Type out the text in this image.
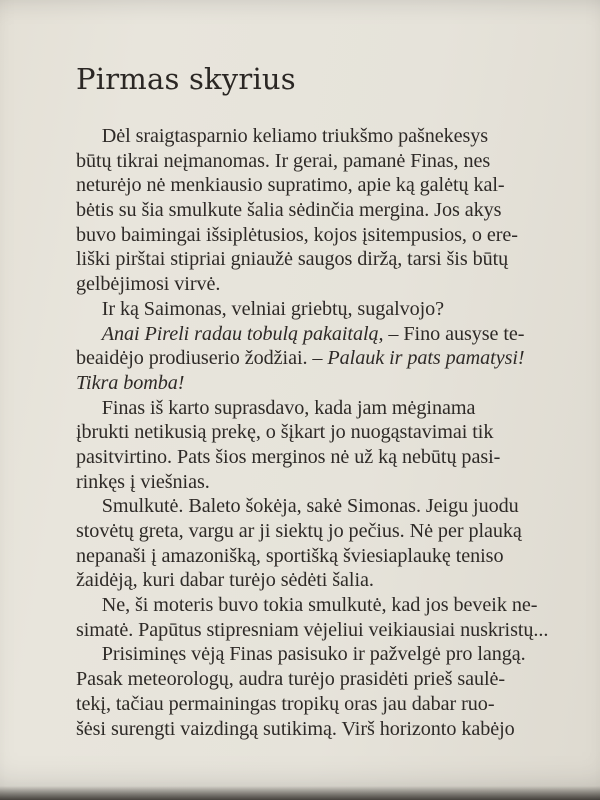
Pirmas skyrius
Dėl sraigtasparnio keliamo triukšmo pašnekesys
būtų tikrai neįmanomas. Ir gerai, pamanė Finas, nes
neturėjo nė menkiausio supratimo, apie ką galėtų kal-
bėtis su šia smulkute šalia sėdinčia mergina. Jos akys
buvo baimingai išsiplėtusios, kojos įsitempusios, o ere-
liški pirštai stipriai gniaužė saugos diržą, tarsi šis būtų
gelbėjimosi virvė.
Ir ką Saimonas, velniai griebtų, sugalvojo?
Anai Pireli radau tobulą pakaitalą, – Fino ausyse te-
beaidėjo prodiuserio žodžiai. – Palauk ir pats pamatysi!
Tikra bomba!
Finas iš karto suprasdavo, kada jam mėginama
įbrukti netikusią prekę, o šįkart jo nuogąstavimai tik
pasitvirtino. Pats šios merginos nė už ką nebūtų pasi-
rinkęs į viešnias.
Smulkutė. Baleto šokėja, sakė Simonas. Jeigu juodu
stovėtų greta, vargu ar ji siektų jo pečius. Nė per plauką
nepanaši į amazonišką, sportišką šviesiaplaukę teniso
žaidėją, kuri dabar turėjo sėdėti šalia.
Ne, ši moteris buvo tokia smulkutė, kad jos beveik ne-
simatė. Papūtus stipresniam vėjeliui veikiausiai nuskristų...
Prisiminęs vėją Finas pasisuko ir pažvelgė pro langą.
Pasak meteorologų, audra turėjo prasidėti prieš saulė-
tekį, tačiau permainingas tropikų oras jau dabar ruo-
šėsi surengti vaizdingą sutikimą. Virš horizonto kabėjo
